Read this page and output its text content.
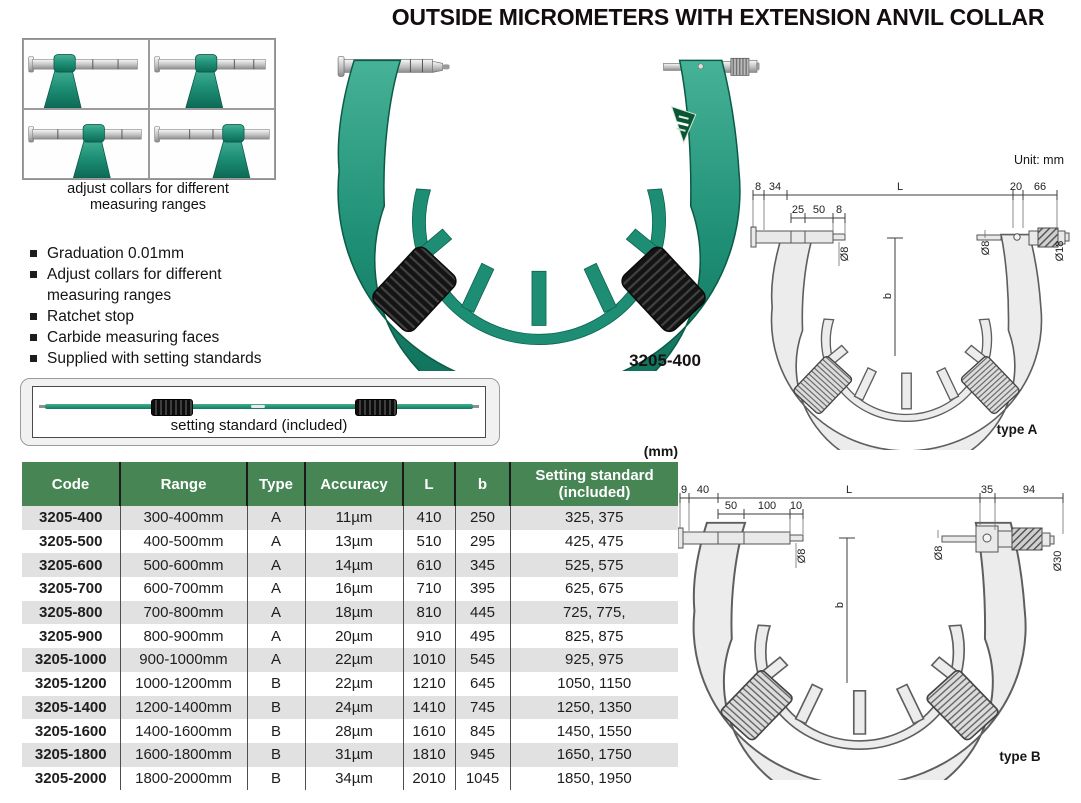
OUTSIDE MICROMETERS WITH EXTENSION ANVIL COLLAR
adjust collars for different measuring ranges
Graduation 0.01mm
Adjust collars for different measuring ranges
Ratchet stop
Carbide measuring faces
Supplied with setting standards
setting standard (included)
3205-400
Unit: mm
8 34	L	20 66
25 50 8
Ø8	Ø8	Ø18
b
type A
9 40	L	35	94
50 100 10
Ø8	Ø8	Ø30
b
type B
(mm)
Code	Range	Type	Accuracy	L	b	Setting standard (included)
3205-400	300-400mm	A	11µm	410	250	325, 375
3205-500	400-500mm	A	13µm	510	295	425, 475
3205-600	500-600mm	A	14µm	610	345	525, 575
3205-700	600-700mm	A	16µm	710	395	625, 675
3205-800	700-800mm	A	18µm	810	445	725, 775,
3205-900	800-900mm	A	20µm	910	495	825, 875
3205-1000	900-1000mm	A	22µm	1010	545	925, 975
3205-1200	1000-1200mm	B	22µm	1210	645	1050, 1150
3205-1400	1200-1400mm	B	24µm	1410	745	1250, 1350
3205-1600	1400-1600mm	B	28µm	1610	845	1450, 1550
3205-1800	1600-1800mm	B	31µm	1810	945	1650, 1750
3205-2000	1800-2000mm	B	34µm	2010	1045	1850, 1950
